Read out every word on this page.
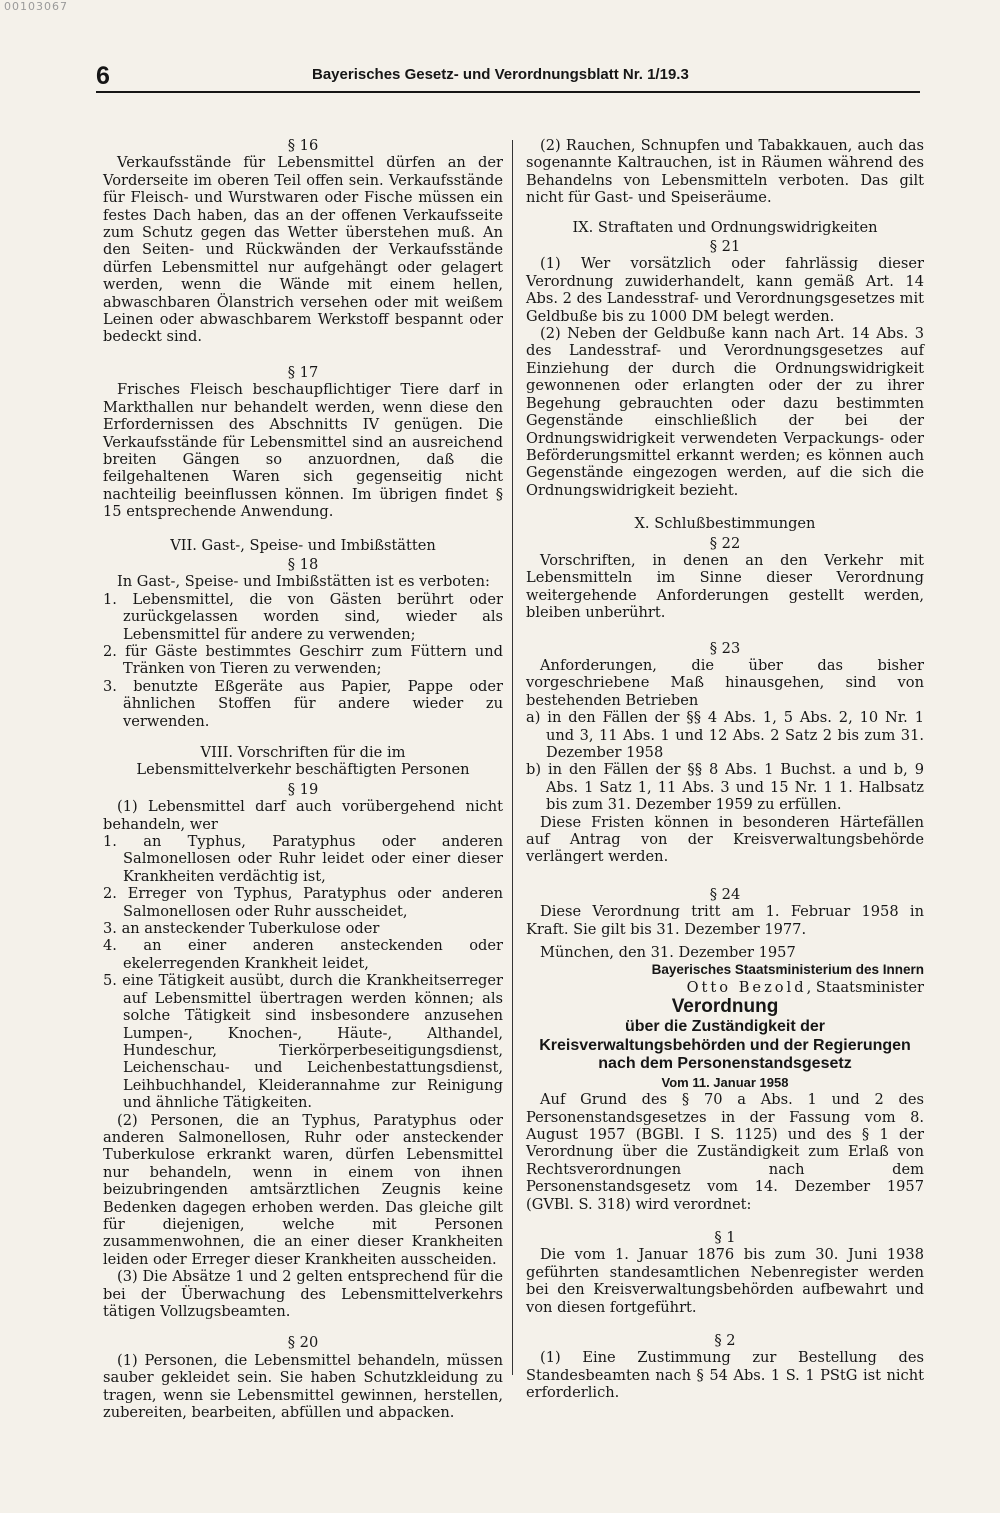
00103067
6	Bayerisches Gesetz- und Verordnungsblatt Nr. 1/19.3

§ 16

Verkaufsstände für Lebensmittel dürfen an der Vorderseite im oberen Teil offen sein. Verkaufsstände für Fleisch- und Wurstwaren oder Fische müssen ein festes Dach haben, das an der offenen Verkaufsseite zum Schutz gegen das Wetter überstehen muß. An den Seiten- und Rückwänden der Verkaufsstände dürfen Lebensmittel nur aufgehängt oder gelagert werden, wenn die Wände mit einem hellen, abwaschbaren Ölanstrich versehen oder mit weißem Leinen oder abwaschbarem Werkstoff bespannt oder bedeckt sind.

§ 17

Frisches Fleisch beschaupflichtiger Tiere darf in Markthallen nur behandelt werden, wenn diese den Erfordernissen des Abschnitts IV genügen. Die Verkaufsstände für Lebensmittel sind an ausreichend breiten Gängen so anzuordnen, daß die feilgehaltenen Waren sich gegenseitig nicht nachteilig beeinflussen können. Im übrigen findet § 15 entsprechende Anwendung.

VII. Gast-, Speise- und Imbißstätten

§ 18

In Gast-, Speise- und Imbißstätten ist es verboten:

1. Lebensmittel, die von Gästen berührt oder zurückgelassen worden sind, wieder als Lebensmittel für andere zu verwenden;

2. für Gäste bestimmtes Geschirr zum Füttern und Tränken von Tieren zu verwenden;

3. benutzte Eßgeräte aus Papier, Pappe oder ähnlichen Stoffen für andere wieder zu verwenden.

VIII. Vorschriften für die im Lebensmittelverkehr beschäftigten Personen

§ 19

(1) Lebensmittel darf auch vorübergehend nicht behandeln, wer

1. an Typhus, Paratyphus oder anderen Salmonellosen oder Ruhr leidet oder einer dieser Krankheiten verdächtig ist,

2. Erreger von Typhus, Paratyphus oder anderen Salmonellosen oder Ruhr ausscheidet,

3. an ansteckender Tuberkulose oder

4. an einer anderen ansteckenden oder ekelerregenden Krankheit leidet,

5. eine Tätigkeit ausübt, durch die Krankheitserreger auf Lebensmittel übertragen werden können; als solche Tätigkeit sind insbesondere anzusehen Lumpen-, Knochen-, Häute-, Althandel, Hundeschur, Tierkörperbeseitigungsdienst, Leichenschau- und Leichenbestattungsdienst, Leihbuchhandel, Kleiderannahme zur Reinigung und ähnliche Tätigkeiten.

(2) Personen, die an Typhus, Paratyphus oder anderen Salmonellosen, Ruhr oder ansteckender Tuberkulose erkrankt waren, dürfen Lebensmittel nur behandeln, wenn in einem von ihnen beizubringenden amtsärztlichen Zeugnis keine Bedenken dagegen erhoben werden. Das gleiche gilt für diejenigen, welche mit Personen zusammenwohnen, die an einer dieser Krankheiten leiden oder Erreger dieser Krankheiten ausscheiden.

(3) Die Absätze 1 und 2 gelten entsprechend für die bei der Überwachung des Lebensmittelverkehrs tätigen Vollzugsbeamten.

§ 20

(1) Personen, die Lebensmittel behandeln, müssen sauber gekleidet sein. Sie haben Schutzkleidung zu tragen, wenn sie Lebensmittel gewinnen, herstellen, zubereiten, bearbeiten, abfüllen und abpacken.

(2) Rauchen, Schnupfen und Tabakkauen, auch das sogenannte Kaltrauchen, ist in Räumen während des Behandelns von Lebensmitteln verboten. Das gilt nicht für Gast- und Speiseräume.

IX. Straftaten und Ordnungswidrigkeiten

§ 21

(1) Wer vorsätzlich oder fahrlässig dieser Verordnung zuwiderhandelt, kann gemäß Art. 14 Abs. 2 des Landesstraf- und Verordnungsgesetzes mit Geldbuße bis zu 1000 DM belegt werden.

(2) Neben der Geldbuße kann nach Art. 14 Abs. 3 des Landesstraf- und Verordnungsgesetzes auf Einziehung der durch die Ordnungswidrigkeit gewonnenen oder erlangten oder der zu ihrer Begehung gebrauchten oder dazu bestimmten Gegenstände einschließlich der bei der Ordnungswidrigkeit verwendeten Verpackungs- oder Beförderungsmittel erkannt werden; es können auch Gegenstände eingezogen werden, auf die sich die Ordnungswidrigkeit bezieht.

X. Schlußbestimmungen

§ 22

Vorschriften, in denen an den Verkehr mit Lebensmitteln im Sinne dieser Verordnung weitergehende Anforderungen gestellt werden, bleiben unberührt.

§ 23

Anforderungen, die über das bisher vorgeschriebene Maß hinausgehen, sind von bestehenden Betrieben

a) in den Fällen der §§ 4 Abs. 1, 5 Abs. 2, 10 Nr. 1 und 3, 11 Abs. 1 und 12 Abs. 2 Satz 2 bis zum 31. Dezember 1958

b) in den Fällen der §§ 8 Abs. 1 Buchst. a und b, 9 Abs. 1 Satz 1, 11 Abs. 3 und 15 Nr. 1 1. Halbsatz bis zum 31. Dezember 1959 zu erfüllen.

Diese Fristen können in besonderen Härtefällen auf Antrag von der Kreisverwaltungsbehörde verlängert werden.

§ 24

Diese Verordnung tritt am 1. Februar 1958 in Kraft. Sie gilt bis 31. Dezember 1977.

München, den 31. Dezember 1957

Bayerisches Staatsministerium des Innern

Otto Bezold, Staatsminister

Verordnung

über die Zuständigkeit der Kreisverwaltungsbehörden und der Regierungen nach dem Personenstandsgesetz

Vom 11. Januar 1958

Auf Grund des § 70 a Abs. 1 und 2 des Personenstandsgesetzes in der Fassung vom 8. August 1957 (BGBl. I S. 1125) und des § 1 der Verordnung über die Zuständigkeit zum Erlaß von Rechtsverordnungen nach dem Personenstandsgesetz vom 14. Dezember 1957 (GVBl. S. 318) wird verordnet:

§ 1

Die vom 1. Januar 1876 bis zum 30. Juni 1938 geführten standesamtlichen Nebenregister werden bei den Kreisverwaltungsbehörden aufbewahrt und von diesen fortgeführt.

§ 2

(1) Eine Zustimmung zur Bestellung des Standesbeamten nach § 54 Abs. 1 S. 1 PStG ist nicht erforderlich.
